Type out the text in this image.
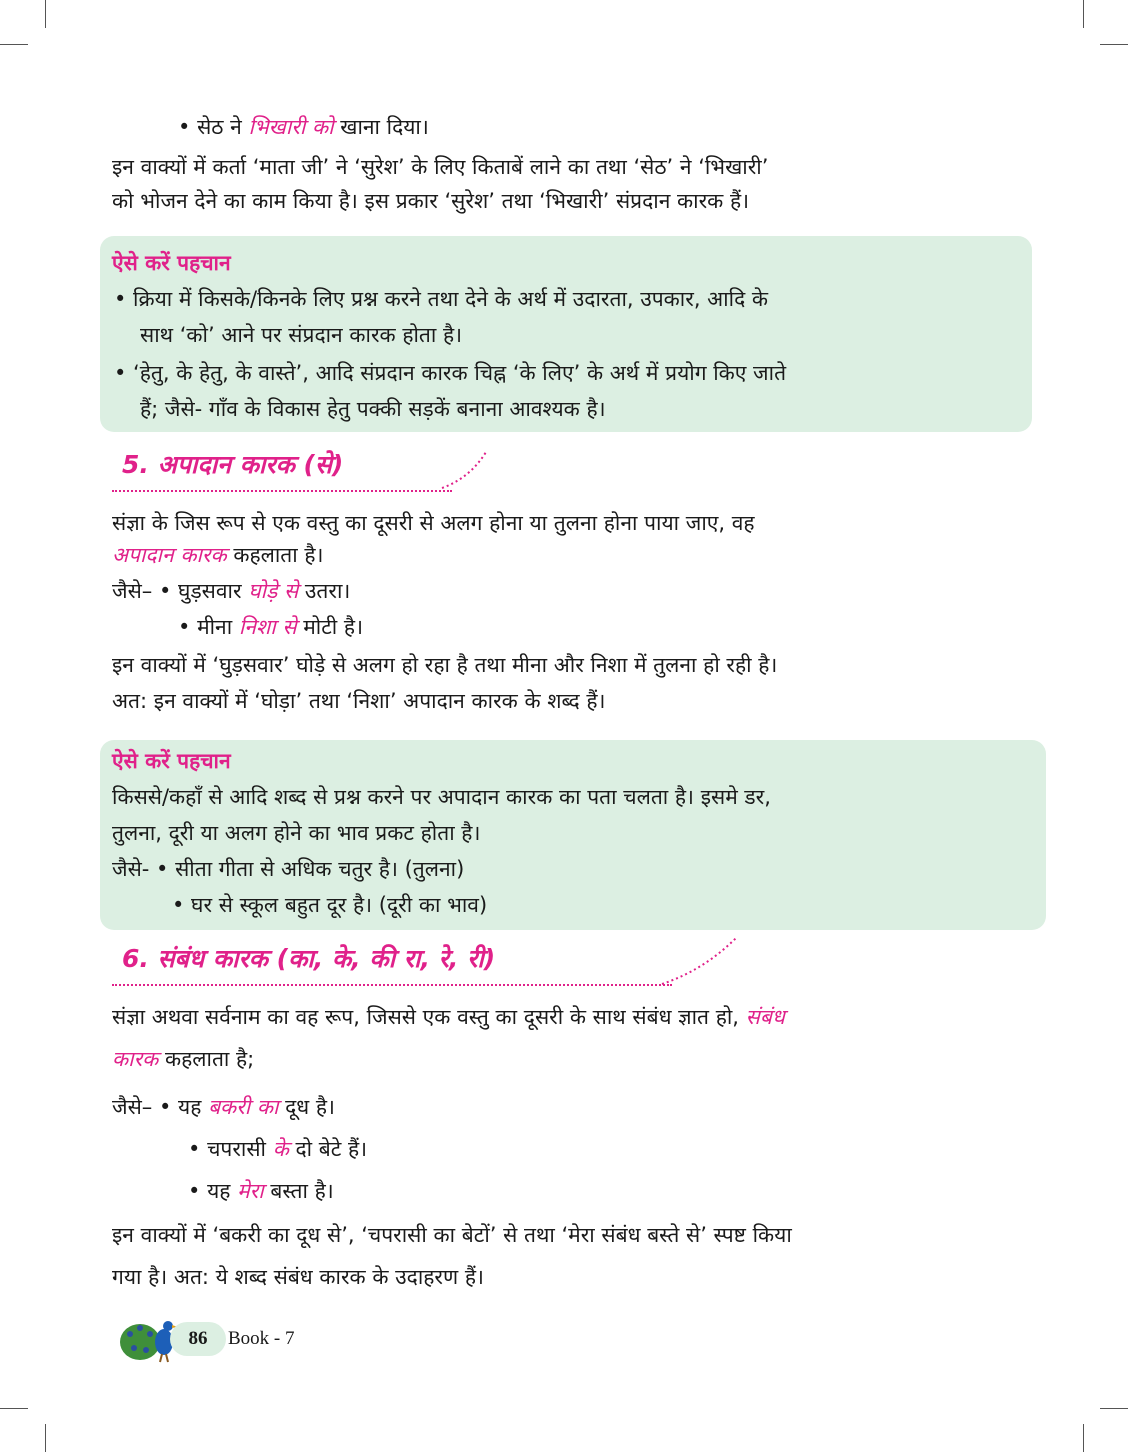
• सेठ ने भिखारी को खाना दिया।
इन वाक्यों में कर्ता ‘माता जी’ ने ‘सुरेश’ के लिए किताबें लाने का तथा ‘सेठ’ ने ‘भिखारी’
को भोजन देने का काम किया है। इस प्रकार ‘सुरेश’ तथा ‘भिखारी’ संप्रदान कारक हैं।
ऐसे करें पहचान
• क्रिया में किसके/किनके लिए प्रश्न करने तथा देने के अर्थ में उदारता, उपकार, आदि के
साथ ‘को’ आने पर संप्रदान कारक होता है।
• ‘हेतु, के हेतु, के वास्ते’, आदि संप्रदान कारक चिह्न ‘के लिए’ के अर्थ में प्रयोग किए जाते
हैं; जैसे- गाँव के विकास हेतु पक्की सड़कें बनाना आवश्यक है।
5. अपादान कारक (से)
संज्ञा के जिस रूप से एक वस्तु का दूसरी से अलग होना या तुलना होना पाया जाए, वह
अपादान कारक कहलाता है।
जैसे– • घुड़सवार घोड़े से उतरा।
• मीना निशा से मोटी है।
इन वाक्यों में ‘घुड़सवार’ घोड़े से अलग हो रहा है तथा मीना और निशा में तुलना हो रही है।
अत: इन वाक्यों में ‘घोड़ा’ तथा ‘निशा’ अपादान कारक के शब्द हैं।
ऐसे करें पहचान
किससे/कहाँ से आदि शब्द से प्रश्न करने पर अपादान कारक का पता चलता है। इसमे डर,
तुलना, दूरी या अलग होने का भाव प्रकट होता है।
जैसे- • सीता गीता से अधिक चतुर है। (तुलना)
• घर से स्कूल बहुत दूर है। (दूरी का भाव)
6. संबंध कारक (का, के, की रा, रे, री)
संज्ञा अथवा सर्वनाम का वह रूप, जिससे एक वस्तु का दूसरी के साथ संबंध ज्ञात हो, संबंध
कारक कहलाता है;
जैसे– • यह बकरी का दूध है।
• चपरासी के दो बेटे हैं।
• यह मेरा बस्ता है।
इन वाक्यों में ‘बकरी का दूध से’, ‘चपरासी का बेटों’ से तथा ‘मेरा संबंध बस्ते से’ स्पष्ट किया
गया है। अत: ये शब्द संबंध कारक के उदाहरण हैं।
86	Book - 7
